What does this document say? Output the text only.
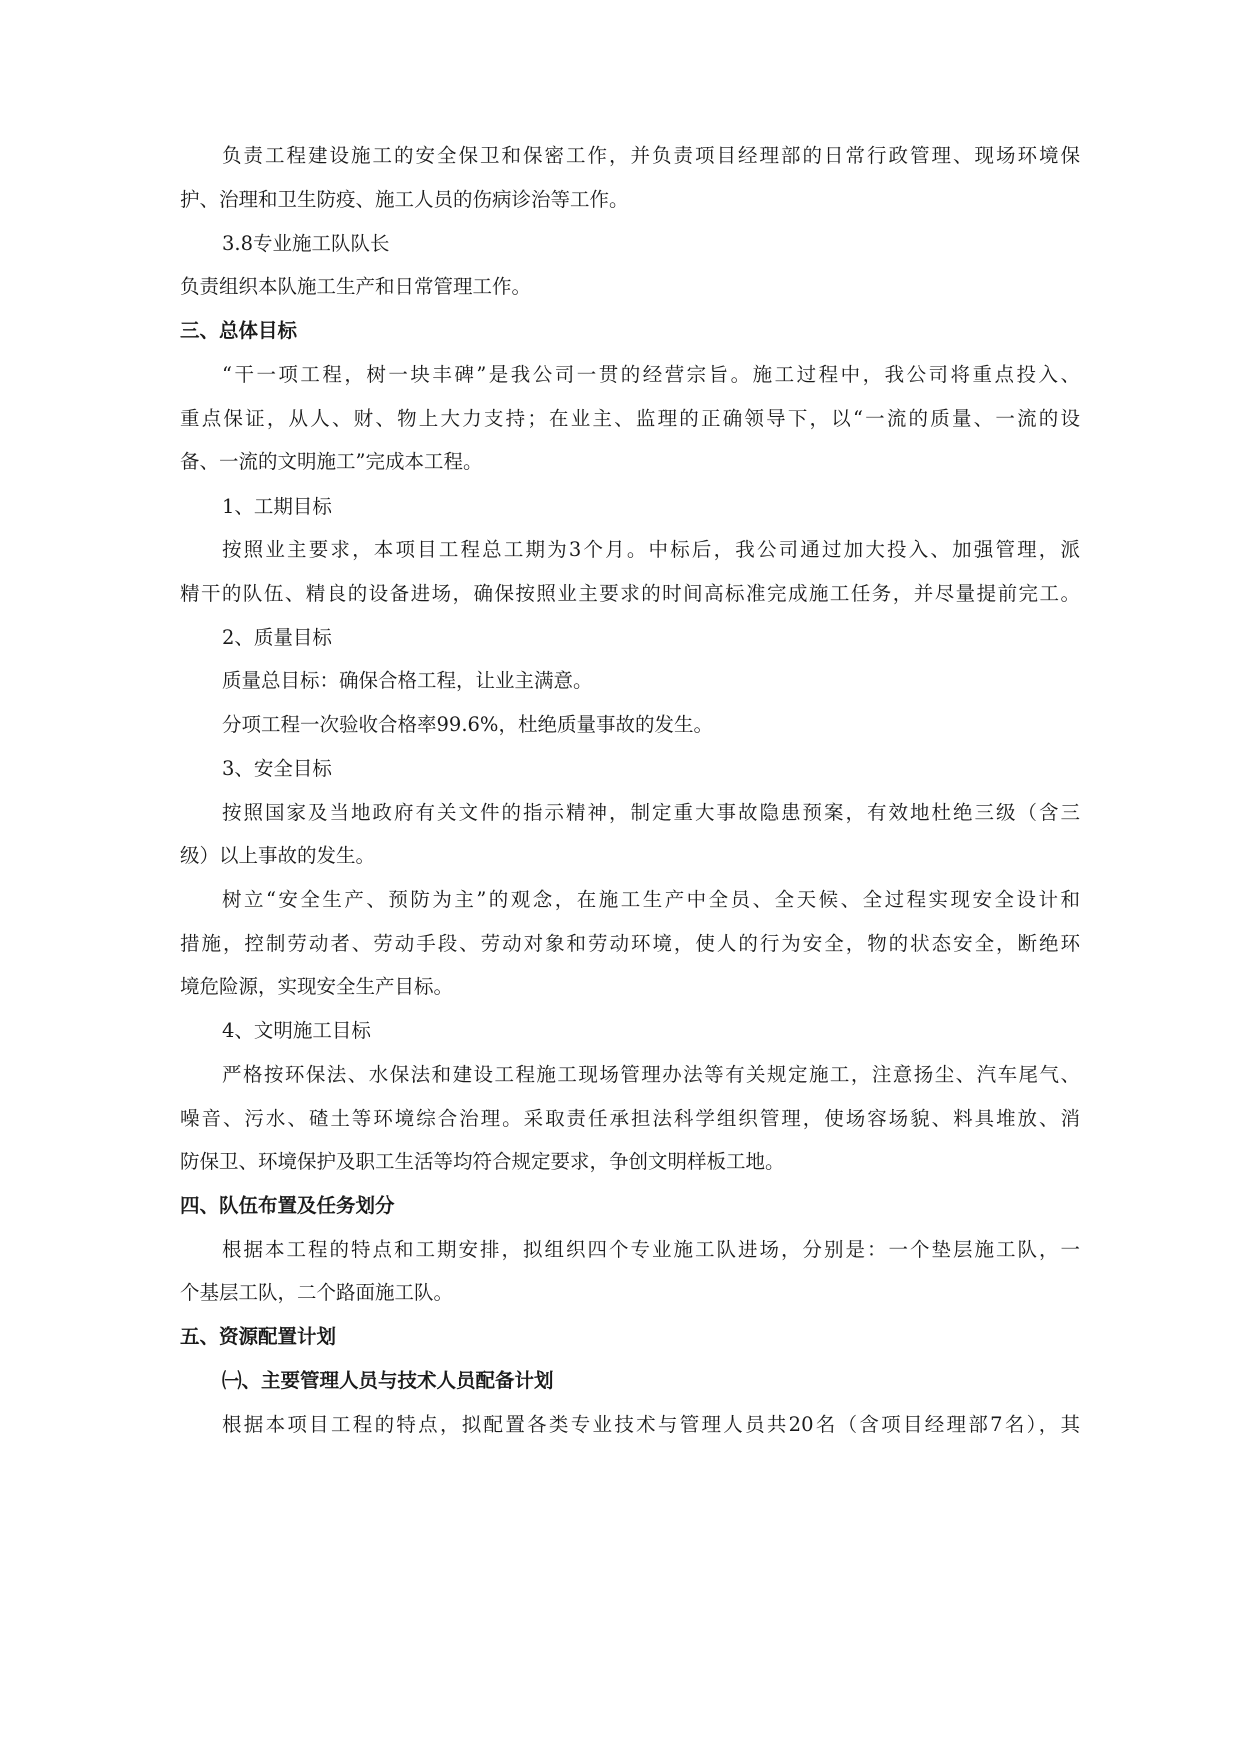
负责工程建设施工的安全保卫和保密工作，并负责项目经理部的日常行政管理、现场环境保
护、治理和卫生防疫、施工人员的伤病诊治等工作。
3.8专业施工队队长
负责组织本队施工生产和日常管理工作。
三、总体目标
“干一项工程，树一块丰碑”是我公司一贯的经营宗旨。施工过程中，我公司将重点投入、
重点保证，从人、财、物上大力支持；在业主、监理的正确领导下，以“一流的质量、一流的设
备、一流的文明施工”完成本工程。
1、工期目标
按照业主要求，本项目工程总工期为3个月。中标后，我公司通过加大投入、加强管理，派
精干的队伍、精良的设备进场，确保按照业主要求的时间高标准完成施工任务，并尽量提前完工。
2、质量目标
质量总目标：确保合格工程，让业主满意。
分项工程一次验收合格率99.6%，杜绝质量事故的发生。
3、安全目标
按照国家及当地政府有关文件的指示精神，制定重大事故隐患预案，有效地杜绝三级（含三
级）以上事故的发生。
树立“安全生产、预防为主”的观念，在施工生产中全员、全天候、全过程实现安全设计和
措施，控制劳动者、劳动手段、劳动对象和劳动环境，使人的行为安全，物的状态安全，断绝环
境危险源，实现安全生产目标。
4、文明施工目标
严格按环保法、水保法和建设工程施工现场管理办法等有关规定施工，注意扬尘、汽车尾气、
噪音、污水、碴土等环境综合治理。采取责任承担法科学组织管理，使场容场貌、料具堆放、消
防保卫、环境保护及职工生活等均符合规定要求，争创文明样板工地。
四、队伍布置及任务划分
根据本工程的特点和工期安排，拟组织四个专业施工队进场，分别是：一个垫层施工队，一
个基层工队，二个路面施工队。
五、资源配置计划
㈠、主要管理人员与技术人员配备计划
根据本项目工程的特点，拟配置各类专业技术与管理人员共20名（含项目经理部7名），其
